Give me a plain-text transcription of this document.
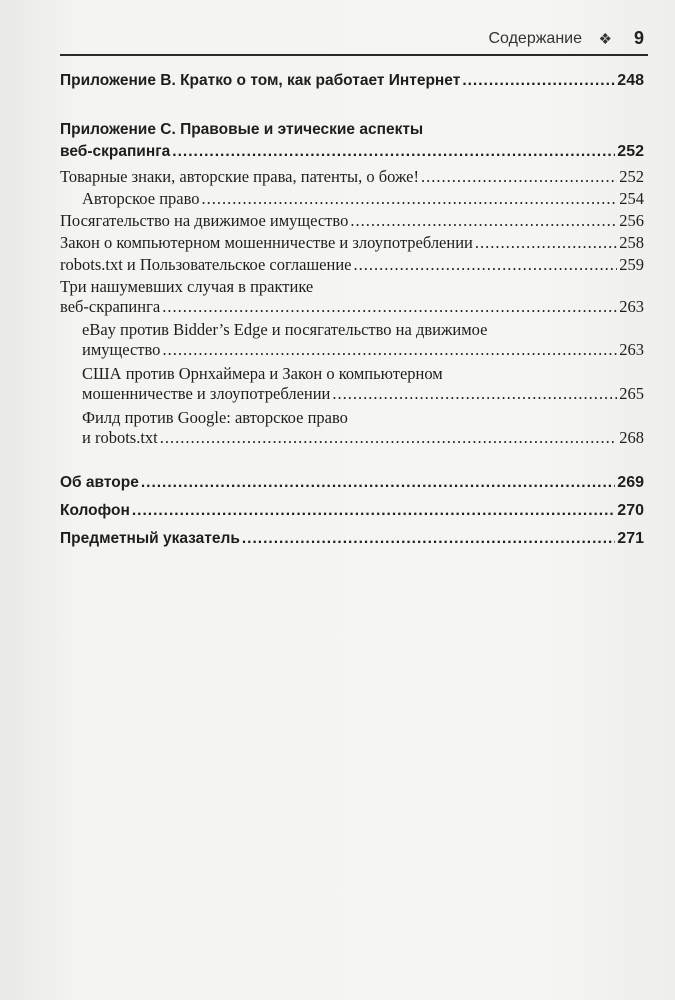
Содержание ❖ 9
Приложение B. Кратко о том, как работает Интернет .....	248
Приложение C. Правовые и этические аспекты
веб-скрапинга .....	252
Товарные знаки, авторские права, патенты, о боже! .....	252
Авторское право .....	254
Посягательство на движимое имущество .....	256
Закон о компьютерном мошенничестве и злоупотреблении .....	258
robots.txt и Пользовательское соглашение .....	259
Три нашумевших случая в практике
веб-скрапинга .....	263
eBay против Bidder’s Edge и посягательство на движимое
имущество .....	263
США против Орнхаймера и Закон о компьютерном
мошенничестве и злоупотреблении .....	265
Филд против Google: авторское право
и robots.txt .....	268
Об авторе .....	269
Колофон .....	270
Предметный указатель .....	271
